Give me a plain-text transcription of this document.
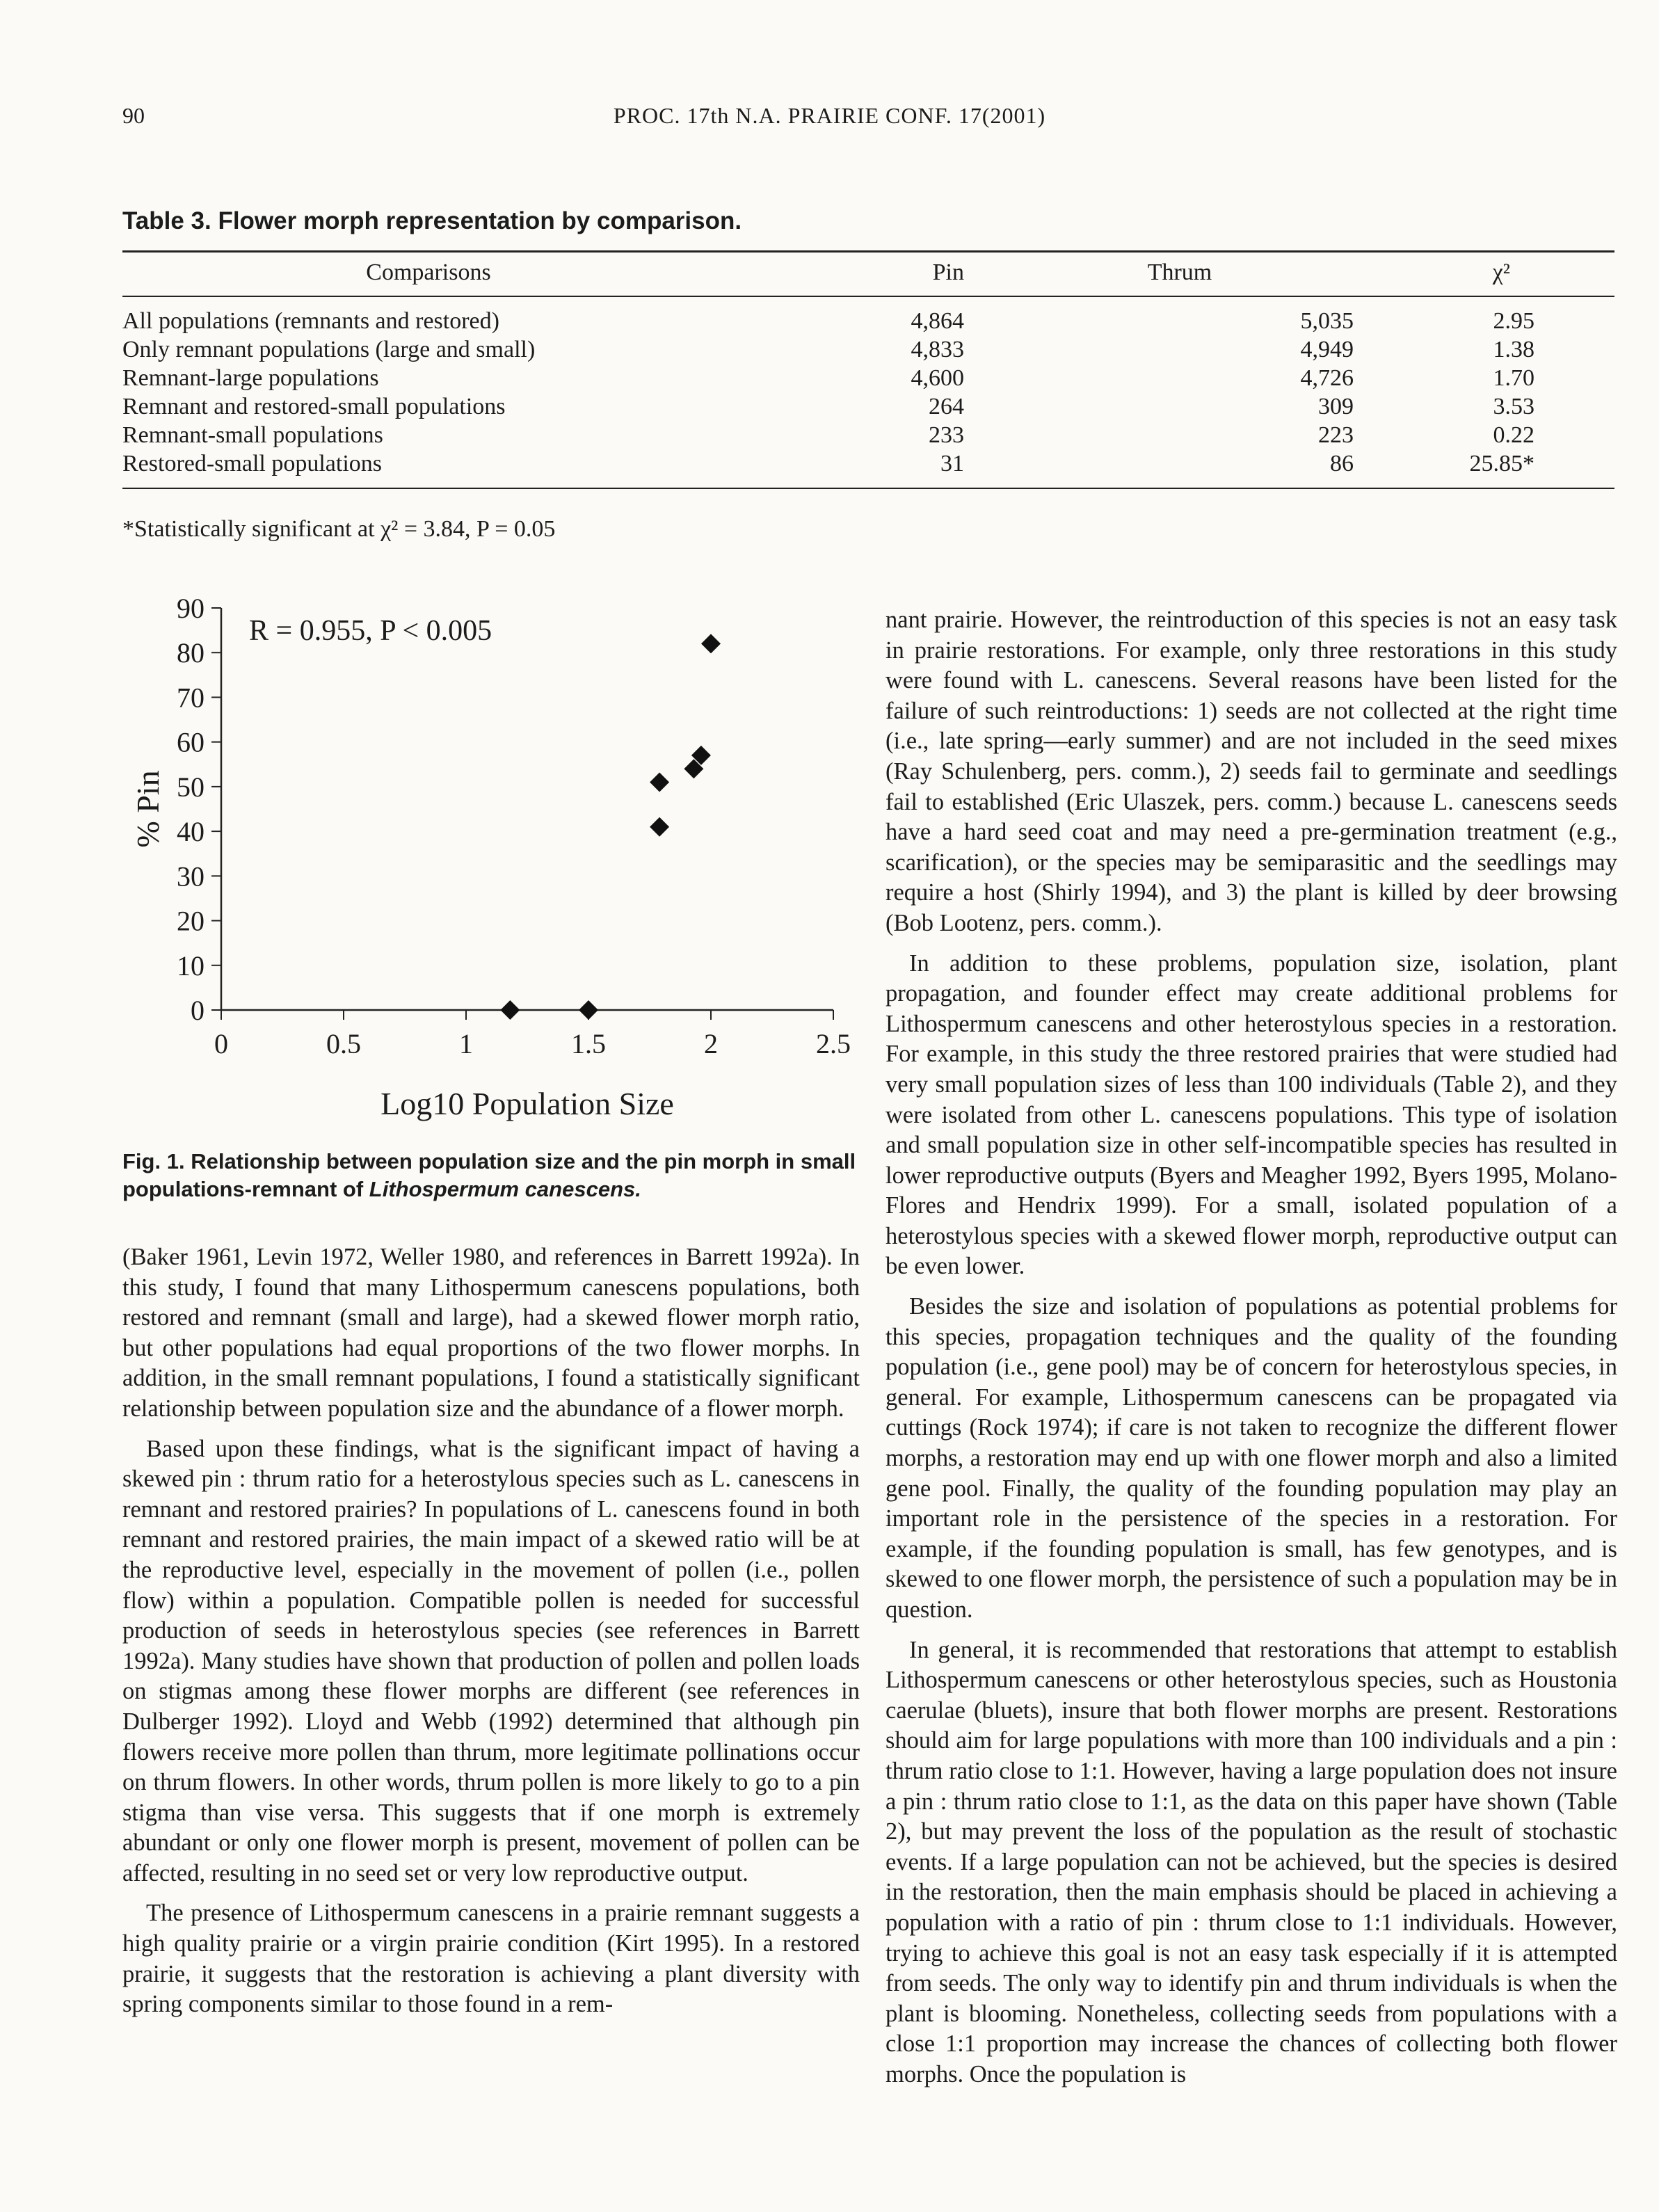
90	PROC. 17th N.A. PRAIRIE CONF. 17(2001)
Table 3. Flower morph representation by comparison.
Comparisons	Pin	Thrum	χ²
All populations (remnants and restored)	4,864	5,035	2.95
Only remnant populations (large and small)	4,833	4,949	1.38
Remnant-large populations	4,600	4,726	1.70
Remnant and restored-small populations	264	309	3.53
Remnant-small populations	233	223	0.22
Restored-small populations	31	86	25.85*
*Statistically significant at χ² = 3.84, P = 0.05
0
10
20
30
40
50
60
70
80
90
0	0.5	1	1.5	2	2.5
Log10 Population Size
% Pin
R = 0.955, P < 0.005
Fig. 1. Relationship between population size and the pin morph in small populations-remnant of Lithospermum canescens.

(Baker 1961, Levin 1972, Weller 1980, and references in Barrett 1992a). In this study, I found that many Lithospermum canescens populations, both restored and remnant (small and large), had a skewed flower morph ratio, but other populations had equal proportions of the two flower morphs. In addition, in the small remnant populations, I found a statistically significant relationship between population size and the abundance of a flower morph.

Based upon these findings, what is the significant impact of having a skewed pin : thrum ratio for a heterostylous species such as L. canescens in remnant and restored prairies? In populations of L. canescens found in both remnant and restored prairies, the main impact of a skewed ratio will be at the reproductive level, especially in the movement of pollen (i.e., pollen flow) within a population. Compatible pollen is needed for successful production of seeds in heterostylous species (see references in Barrett 1992a). Many studies have shown that production of pollen and pollen loads on stigmas among these flower morphs are different (see references in Dulberger 1992). Lloyd and Webb (1992) determined that although pin flowers receive more pollen than thrum, more legitimate pollinations occur on thrum flowers. In other words, thrum pollen is more likely to go to a pin stigma than vise versa. This suggests that if one morph is extremely abundant or only one flower morph is present, movement of pollen can be affected, resulting in no seed set or very low reproductive output.

The presence of Lithospermum canescens in a prairie remnant suggests a high quality prairie or a virgin prairie condition (Kirt 1995). In a restored prairie, it suggests that the restoration is achieving a plant diversity with spring components similar to those found in a rem-

nant prairie. However, the reintroduction of this species is not an easy task in prairie restorations. For example, only three restorations in this study were found with L. canescens. Several reasons have been listed for the failure of such reintroductions: 1) seeds are not collected at the right time (i.e., late spring—early summer) and are not included in the seed mixes (Ray Schulenberg, pers. comm.), 2) seeds fail to germinate and seedlings fail to established (Eric Ulaszek, pers. comm.) because L. canescens seeds have a hard seed coat and may need a pre-germination treatment (e.g., scarification), or the species may be semiparasitic and the seedlings may require a host (Shirly 1994), and 3) the plant is killed by deer browsing (Bob Lootenz, pers. comm.).

In addition to these problems, population size, isolation, plant propagation, and founder effect may create additional problems for Lithospermum canescens and other heterostylous species in a restoration. For example, in this study the three restored prairies that were studied had very small population sizes of less than 100 individuals (Table 2), and they were isolated from other L. canescens populations. This type of isolation and small population size in other self-incompatible species has resulted in lower reproductive outputs (Byers and Meagher 1992, Byers 1995, Molano-Flores and Hendrix 1999). For a small, isolated population of a heterostylous species with a skewed flower morph, reproductive output can be even lower.

Besides the size and isolation of populations as potential problems for this species, propagation techniques and the quality of the founding population (i.e., gene pool) may be of concern for heterostylous species, in general. For example, Lithospermum canescens can be propagated via cuttings (Rock 1974); if care is not taken to recognize the different flower morphs, a restoration may end up with one flower morph and also a limited gene pool. Finally, the quality of the founding population may play an important role in the persistence of the species in a restoration. For example, if the founding population is small, has few genotypes, and is skewed to one flower morph, the persistence of such a population may be in question.

In general, it is recommended that restorations that attempt to establish Lithospermum canescens or other heterostylous species, such as Houstonia caerulae (bluets), insure that both flower morphs are present. Restorations should aim for large populations with more than 100 individuals and a pin : thrum ratio close to 1:1. However, having a large population does not insure a pin : thrum ratio close to 1:1, as the data on this paper have shown (Table 2), but may prevent the loss of the population as the result of stochastic events. If a large population can not be achieved, but the species is desired in the restoration, then the main emphasis should be placed in achieving a population with a ratio of pin : thrum close to 1:1 individuals. However, trying to achieve this goal is not an easy task especially if it is attempted from seeds. The only way to identify pin and thrum individuals is when the plant is blooming. Nonetheless, collecting seeds from populations with a close 1:1 proportion may increase the chances of collecting both flower morphs. Once the population is
